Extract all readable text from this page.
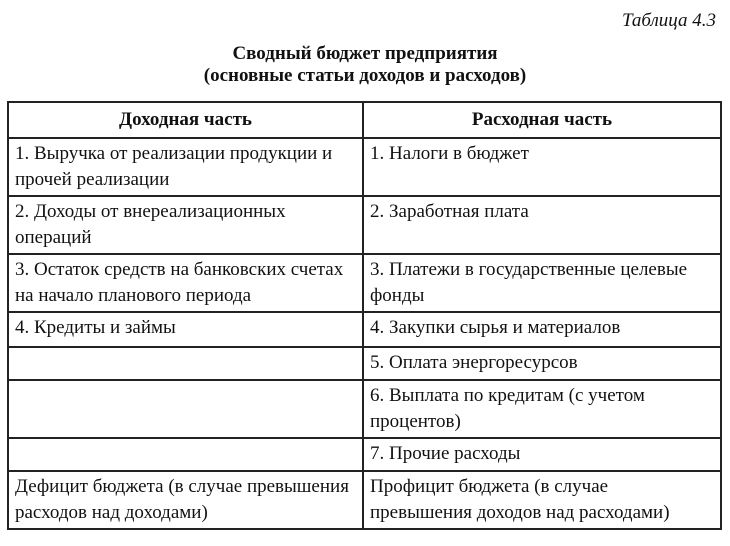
Таблица 4.3
Сводный бюджет предприятия
(основные статьи доходов и расходов)
Доходная часть	Расходная часть

1. Выручка от реализации продукции и прочей реализации	1. Налоги в бюджет

2. Доходы от внереализационных операций	2. Заработная плата

3. Остаток средств на банковских счетах на начало планового периода	3. Платежи в государственные целевые фонды

4. Кредиты и займы	4. Закупки сырья и материалов

	5. Оплата энергоресурсов

	6. Выплата по кредитам (с учетом процентов)

	7. Прочие расходы

Дефицит бюджета (в случае превышения расходов над доходами)	Профицит бюджета (в случае превышения доходов над расходами)
